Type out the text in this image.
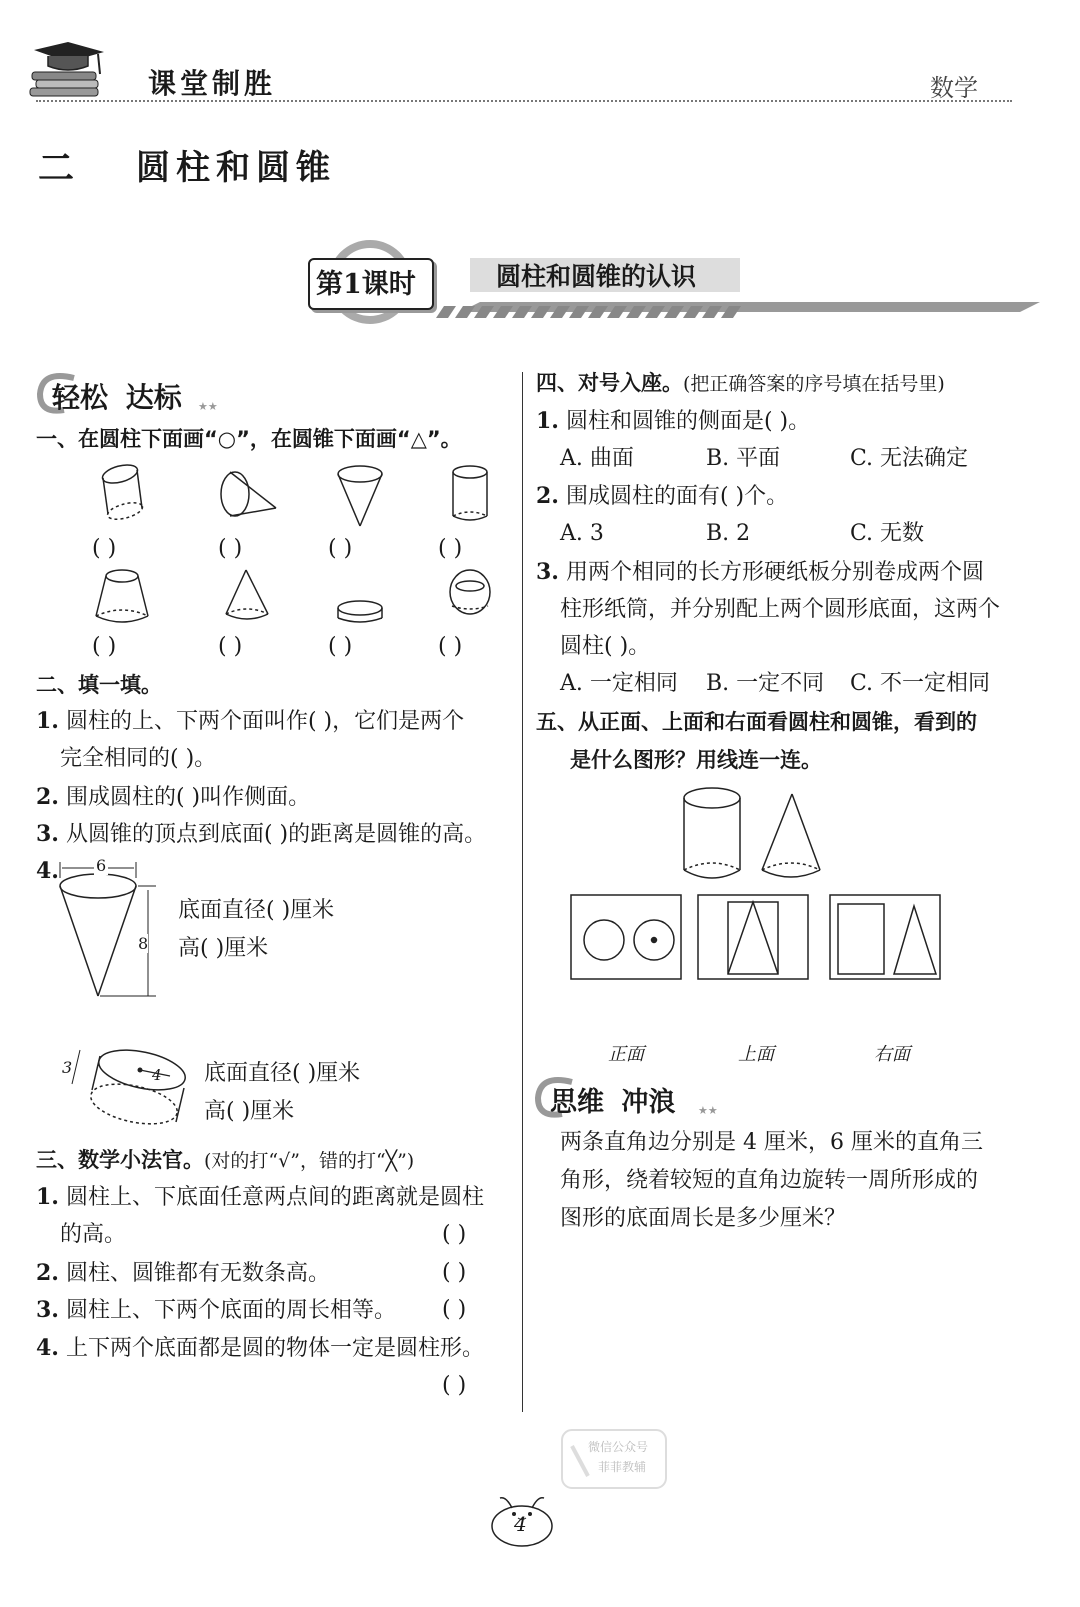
课堂制胜	数学
二 圆柱和圆锥
第1课时	圆柱和圆锥的认识
轻松 达标 ★★
一、在圆柱下面画“○”，在圆锥下面画“△”。
( )	( )	( )	( )
( )	( )	( )	( )
二、填一填。
1. 圆柱的上、下两个面叫作( )，它们是两个
完全相同的( )。
2. 围成圆柱的( )叫作侧面。
3. 从圆锥的顶点到底面( )的距离是圆锥的高。
4. 6
8
底面直径( )厘米
高( )厘米
3	4 底面直径( )厘米
高( )厘米
三、数学小法官。(对的打“√”，错的打“╳”)
1. 圆柱上、下底面任意两点间的距离就是圆柱
的高。	( )
2. 圆柱、圆锥都有无数条高。	( )
3. 圆柱上、下两个底面的周长相等。 ( )
4. 上下两个底面都是圆的物体一定是圆柱形。
( )
四、对号入座。(把正确答案的序号填在括号里)
1. 圆柱和圆锥的侧面是( )。
A. 曲面	B. 平面	C. 无法确定
2. 围成圆柱的面有( )个。
A. 3	B. 2	C. 无数
3. 用两个相同的长方形硬纸板分别卷成两个圆
柱形纸筒，并分别配上两个圆形底面，这两个
圆柱( )。
A. 一定相同 B. 一定不同 C. 不一定相同
五、从正面、上面和右面看圆柱和圆锥，看到的
是什么图形？用线连一连。
正面	上面	右面
思维 冲浪 ★★
两条直角边分别是 4 厘米，6 厘米的直角三
角形，绕着较短的直角边旋转一周所形成的
图形的底面周长是多少厘米？
微信公众号
菲菲教辅
4
